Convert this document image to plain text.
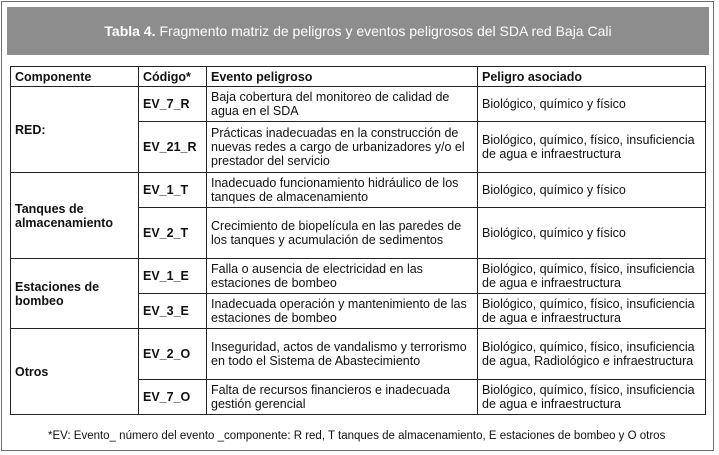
Tabla 4. Fragmento matriz de peligros y eventos peligrosos del SDA red Baja Cali
Componente	Código*	Evento peligroso	Peligro asociado
RED:	EV_7_R	Baja cobertura del monitoreo de calidad de agua en el SDA	Biológico, químico y físico
	EV_21_R	Prácticas inadecuadas en la construcción de nuevas redes a cargo de urbanizadores y/o el prestador del servicio	Biológico, químico, físico, insuficiencia de agua e infraestructura
Tanques de almacenamiento	EV_1_T	Inadecuado funcionamiento hidráulico de los tanques de almacenamiento	Biológico, químico y físico
	EV_2_T	Crecimiento de biopelícula en las paredes de los tanques y acumulación de sedimentos	Biológico, químico y físico
Estaciones de bombeo	EV_1_E	Falla o ausencia de electricidad en las estaciones de bombeo	Biológico, químico, físico, insuficiencia de agua e infraestructura
	EV_3_E	Inadecuada operación y mantenimiento de las estaciones de bombeo	Biológico, químico, físico, insuficiencia de agua e infraestructura
Otros	EV_2_O	Inseguridad, actos de vandalismo y terrorismo en todo el Sistema de Abastecimiento	Biológico, químico, físico, insuficiencia de agua, Radiológico e infraestructura
	EV_7_O	Falta de recursos financieros e inadecuada gestión gerencial	Biológico, químico, físico, insuficiencia de agua e infraestructura
*EV: Evento_ número del evento _componente: R red, T tanques de almacenamiento, E estaciones de bombeo y O otros
